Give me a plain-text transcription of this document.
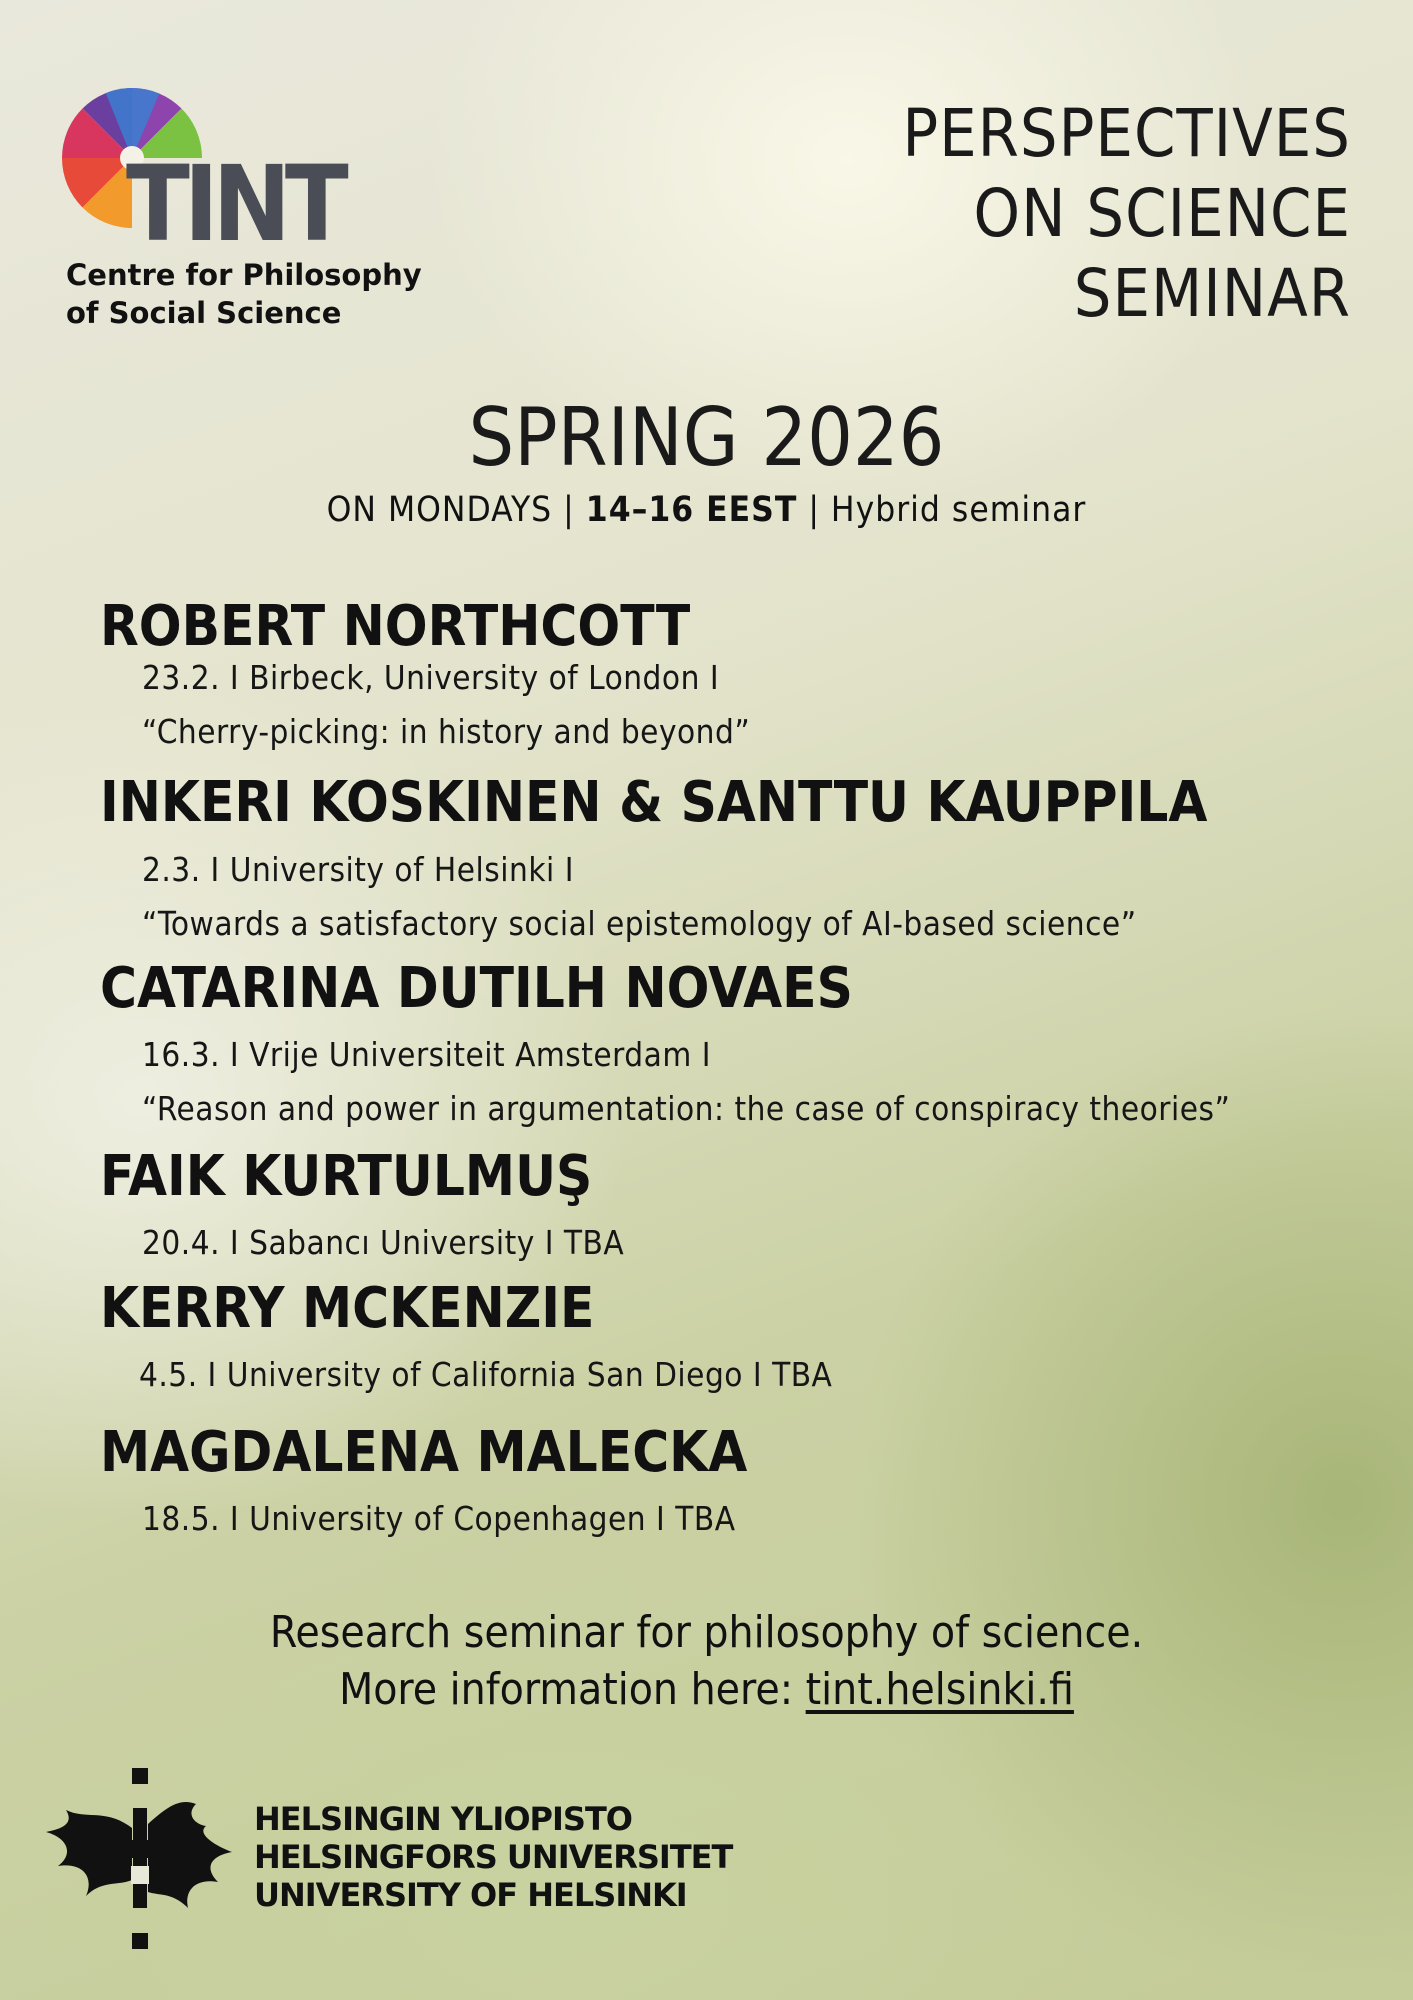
TINT
Centre for Philosophy
of Social Science
PERSPECTIVES
ON SCIENCE
SEMINAR
SPRING 2026
ON MONDAYS | 14–16 EEST | Hybrid seminar
ROBERT NORTHCOTT
23.2. I Birbeck, University of London I
“Cherry-picking: in history and beyond”
INKERI KOSKINEN & SANTTU KAUPPILA
2.3. I University of Helsinki I
“Towards a satisfactory social epistemology of AI-based science”
CATARINA DUTILH NOVAES
16.3. I Vrije Universiteit Amsterdam I
“Reason and power in argumentation: the case of conspiracy theories”
FAIK KURTULMUŞ
20.4. I Sabancı University I TBA
KERRY MCKENZIE
4.5. I University of California San Diego I TBA
MAGDALENA MALECKA
18.5. I University of Copenhagen I TBA
Research seminar for philosophy of science.
More information here: tint.helsinki.fi
HELSINGIN YLIOPISTO
HELSINGFORS UNIVERSITET
UNIVERSITY OF HELSINKI
